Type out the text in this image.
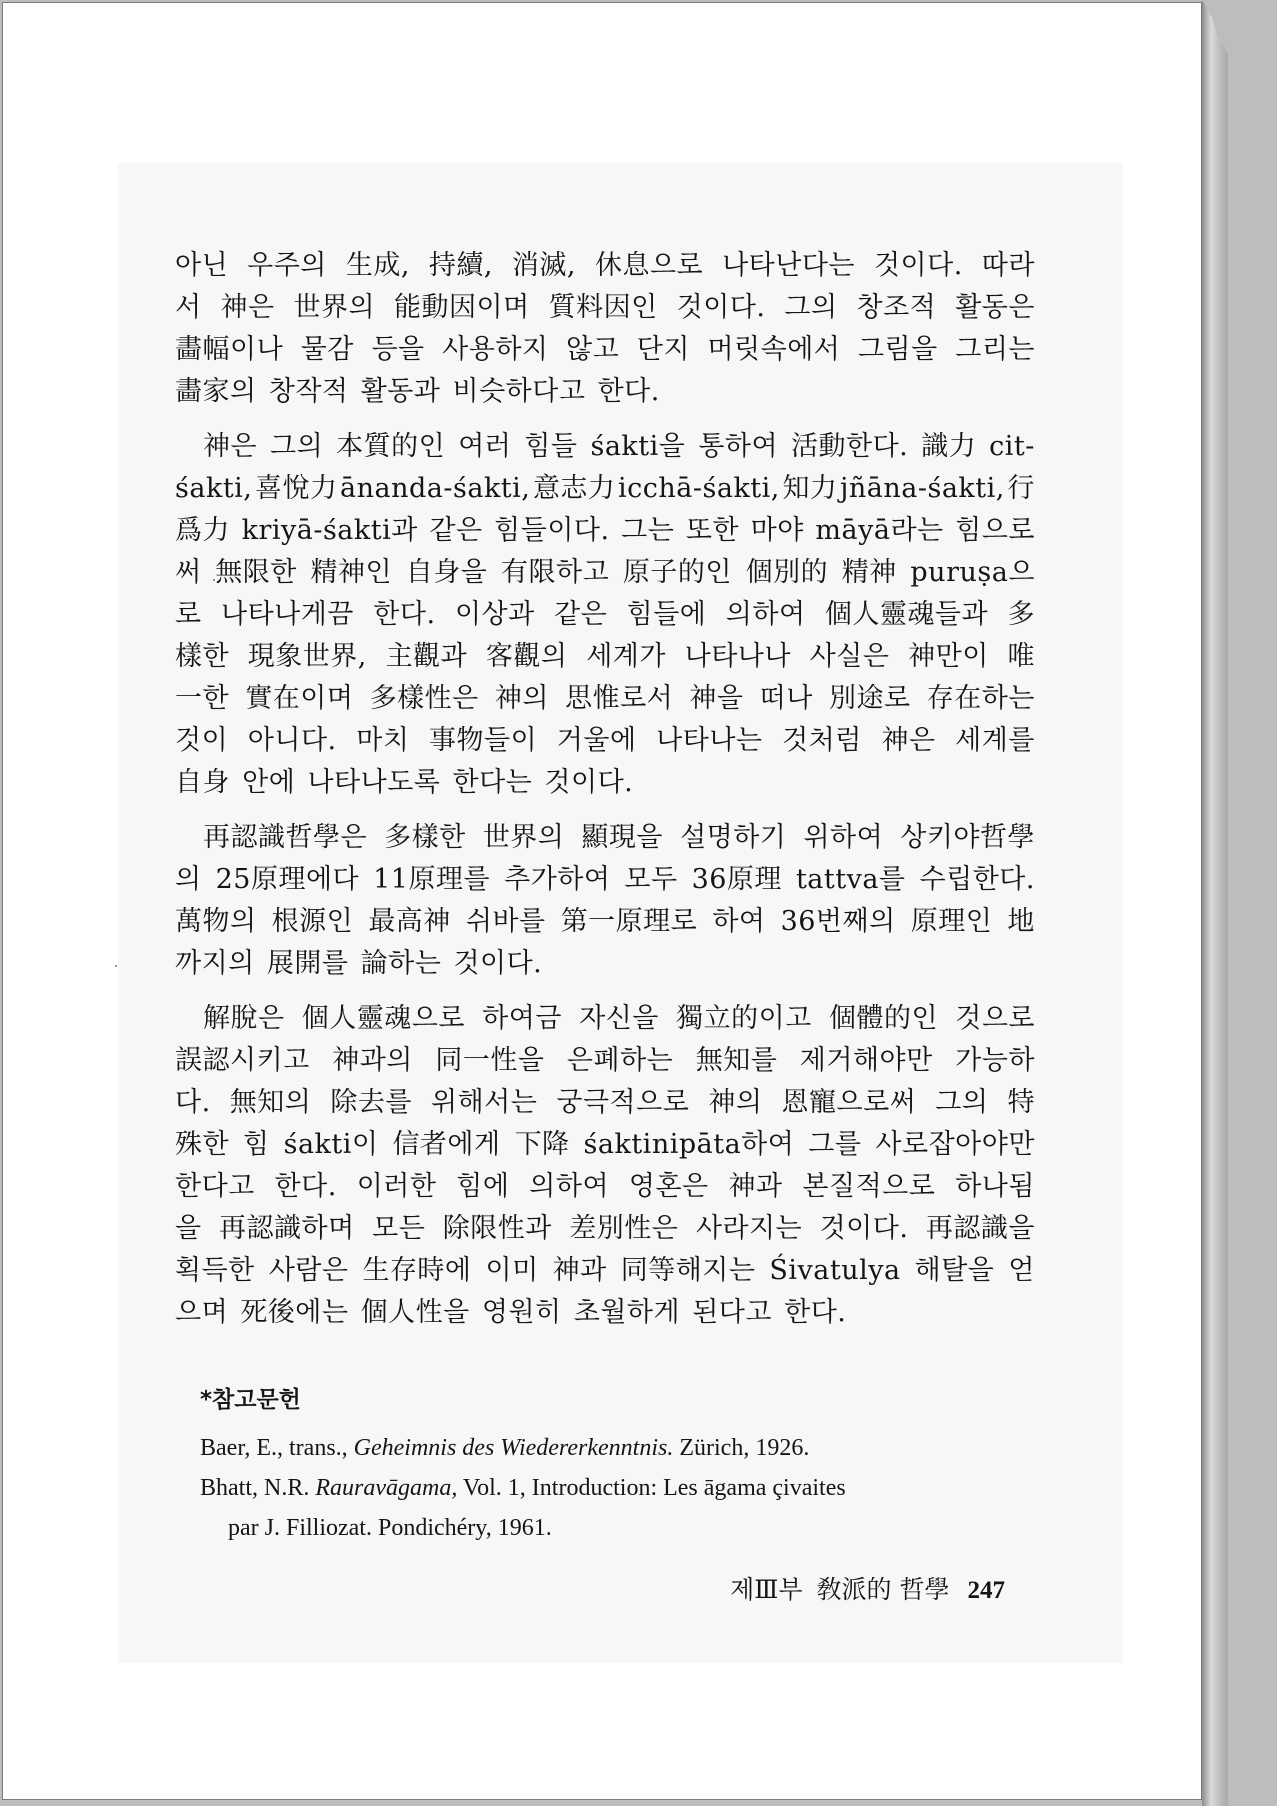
아닌 우주의 生成, 持續, 消滅, 休息으로 나타난다는 것이다. 따라
서 神은 世界의 能動因이며 質料因인 것이다. 그의 창조적 활동은
畵幅이나 물감 등을 사용하지 않고 단지 머릿속에서 그림을 그리는
畵家의 창작적 활동과 비슷하다고 한다.
神은 그의 本質的인 여러 힘들 śakti을 통하여 活動한다. 識力 cit-
śakti, 喜悅力 ānanda-śakti, 意志力 icchā-śakti, 知力 jñāna-śakti, 行
爲力 kriyā-śakti과 같은 힘들이다. 그는 또한 마야 māyā라는 힘으로
써 無限한 精神인 自身을 有限하고 原子的인 個別的 精神 puruṣa으
로 나타나게끔 한다. 이상과 같은 힘들에 의하여 個人靈魂들과 多
樣한 現象世界, 主觀과 客觀의 세계가 나타나나 사실은 神만이 唯
一한 實在이며 多樣性은 神의 思惟로서 神을 떠나 別途로 存在하는
것이 아니다. 마치 事物들이 거울에 나타나는 것처럼 神은 세계를
自身 안에 나타나도록 한다는 것이다.
再認識哲學은 多樣한 世界의 顯現을 설명하기 위하여 상키야哲學
의 25原理에다 11原理를 추가하여 모두 36原理 tattva를 수립한다.
萬物의 根源인 最高神 쉬바를 第一原理로 하여 36번째의 原理인 地
까지의 展開를 論하는 것이다.
解脫은 個人靈魂으로 하여금 자신을 獨立的이고 個體的인 것으로
誤認시키고 神과의 同一性을 은폐하는 無知를 제거해야만 가능하
다. 無知의 除去를 위해서는 궁극적으로 神의 恩寵으로써 그의 特
殊한 힘 śakti이 信者에게 下降 śaktinipāta하여 그를 사로잡아야만
한다고 한다. 이러한 힘에 의하여 영혼은 神과 본질적으로 하나됨
을 再認識하며 모든 除限性과 差別性은 사라지는 것이다. 再認識을
획득한 사람은 生存時에 이미 神과 同等해지는 Śivatulya 해탈을 얻
으며 死後에는 個人性을 영원히 초월하게 된다고 한다.
*참고문헌
Baer, E., trans., Geheimnis des Wiedererkenntnis. Zürich, 1926.
Bhatt, N.R. Rauravāgama, Vol. 1, Introduction: Les āgama çivaites
par J. Filliozat. Pondichéry, 1961.
제Ⅲ부 敎派的 哲學 247
